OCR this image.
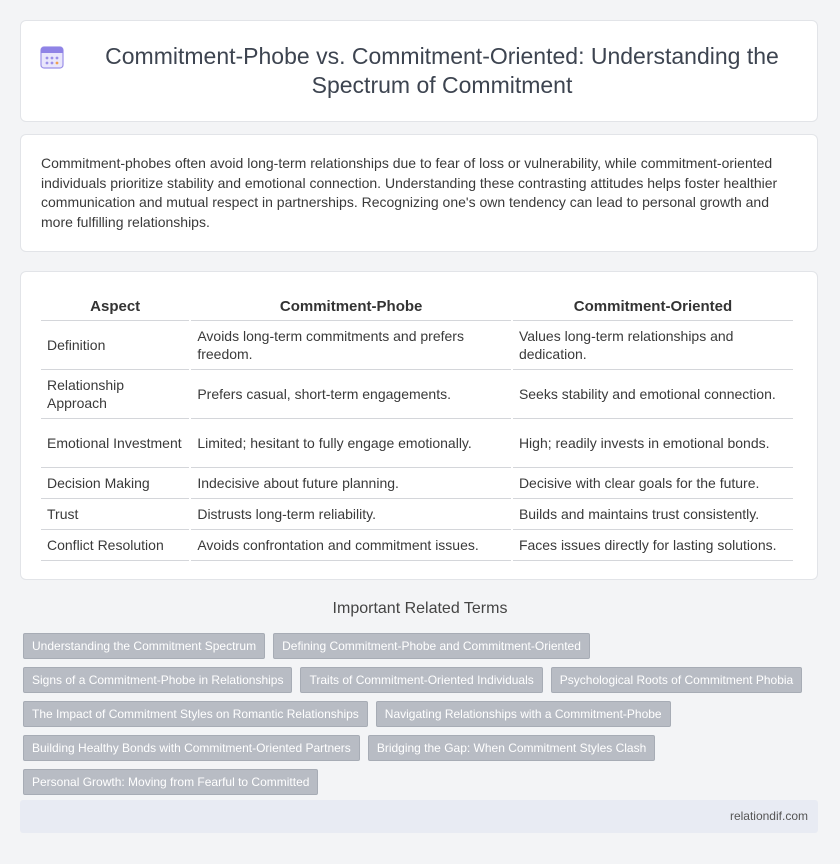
Commitment-Phobe vs. Commitment-Oriented: Understanding the Spectrum of Commitment

Commitment-phobes often avoid long-term relationships due to fear of loss or vulnerability, while commitment-oriented individuals prioritize stability and emotional connection. Understanding these contrasting attitudes helps foster healthier communication and mutual respect in partnerships. Recognizing one's own tendency can lead to personal growth and more fulfilling relationships.

Aspect	Commitment-Phobe	Commitment-Oriented
Definition	Avoids long-term commitments and prefers freedom.	Values long-term relationships and dedication.
Relationship Approach	Prefers casual, short-term engagements.	Seeks stability and emotional connection.
Emotional Investment	Limited; hesitant to fully engage emotionally.	High; readily invests in emotional bonds.
Decision Making	Indecisive about future planning.	Decisive with clear goals for the future.
Trust	Distrusts long-term reliability.	Builds and maintains trust consistently.
Conflict Resolution	Avoids confrontation and commitment issues.	Faces issues directly for lasting solutions.
Important Related Terms
Understanding the Commitment Spectrum	Defining Commitment-Phobe and Commitment-Oriented
Signs of a Commitment-Phobe in Relationships	Traits of Commitment-Oriented Individuals	Psychological Roots of Commitment Phobia
The Impact of Commitment Styles on Romantic Relationships	Navigating Relationships with a Commitment-Phobe
Building Healthy Bonds with Commitment-Oriented Partners	Bridging the Gap: When Commitment Styles Clash
Personal Growth: Moving from Fearful to Committed
relationdif.com
